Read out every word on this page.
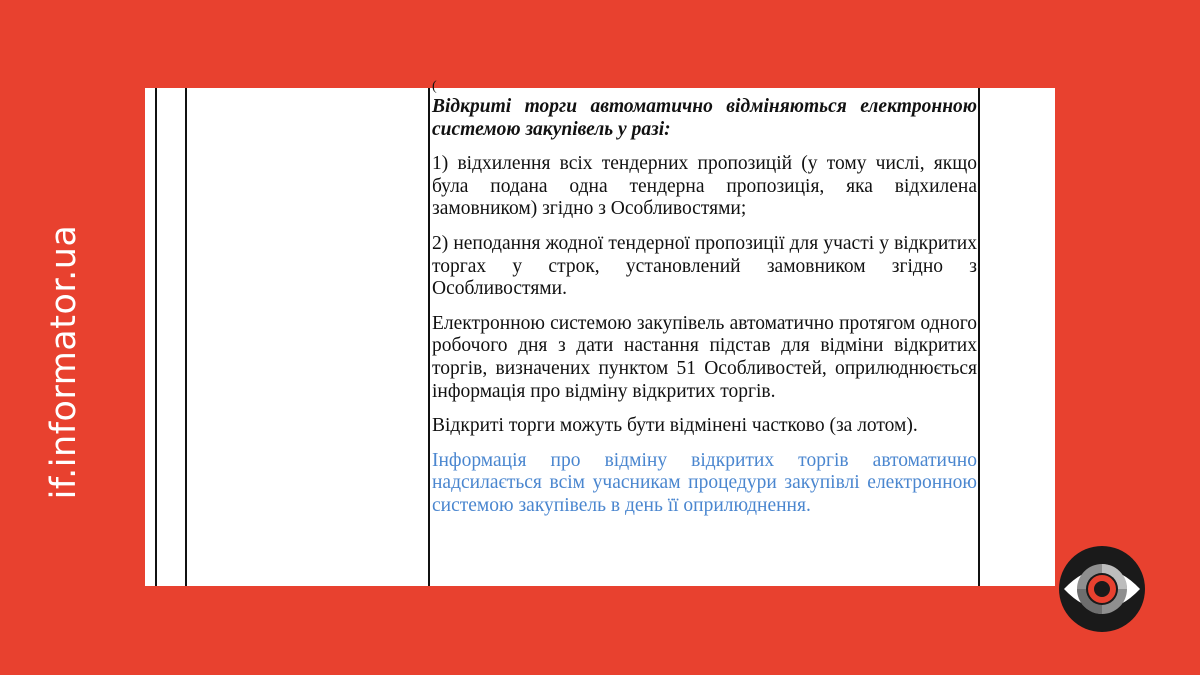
if.informator.ua
(

Відкриті торги автоматично відміняються електронною системою закупівель у разі:

1) відхилення всіх тендерних пропозицій (у тому числі, якщо була подана одна тендерна пропозиція, яка відхилена замовником) згідно з Особливостями;

2) неподання жодної тендерної пропозиції для участі у відкритих торгах у строк, установлений замовником згідно з Особливостями.

Електронною системою закупівель автоматично протягом одного робочого дня з дати настання підстав для відміни відкритих торгів, визначених пунктом 51 Особливостей, оприлюднюється інформація про відміну відкритих торгів.

Відкриті торги можуть бути відмінені частково (за лотом).

Інформація про відміну відкритих торгів автоматично надсилається всім учасникам процедури закупівлі електронною системою закупівель в день її оприлюднення.
